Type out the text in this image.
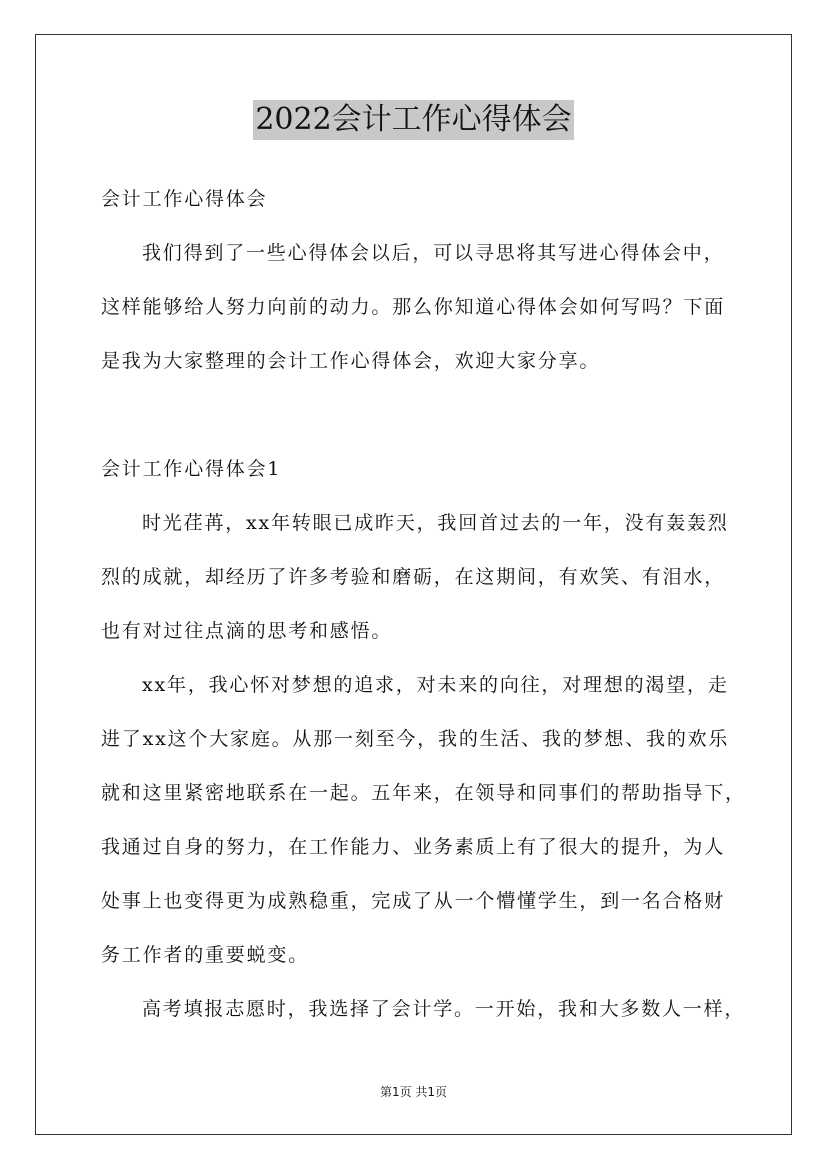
2022会计工作心得体会
会计工作心得体会
我们得到了一些心得体会以后，可以寻思将其写进心得体会中，
这样能够给人努力向前的动力。那么你知道心得体会如何写吗？下面
是我为大家整理的会计工作心得体会，欢迎大家分享。
会计工作心得体会1
时光荏苒，xx年转眼已成昨天，我回首过去的一年，没有轰轰烈
烈的成就，却经历了许多考验和磨砺，在这期间，有欢笑、有泪水，
也有对过往点滴的思考和感悟。
xx年，我心怀对梦想的追求，对未来的向往，对理想的渴望，走
进了xx这个大家庭。从那一刻至今，我的生活、我的梦想、我的欢乐
就和这里紧密地联系在一起。五年来，在领导和同事们的帮助指导下，
我通过自身的努力，在工作能力、业务素质上有了很大的提升，为人
处事上也变得更为成熟稳重，完成了从一个懵懂学生，到一名合格财
务工作者的重要蜕变。
高考填报志愿时，我选择了会计学。一开始，我和大多数人一样，
第1页 共1页
